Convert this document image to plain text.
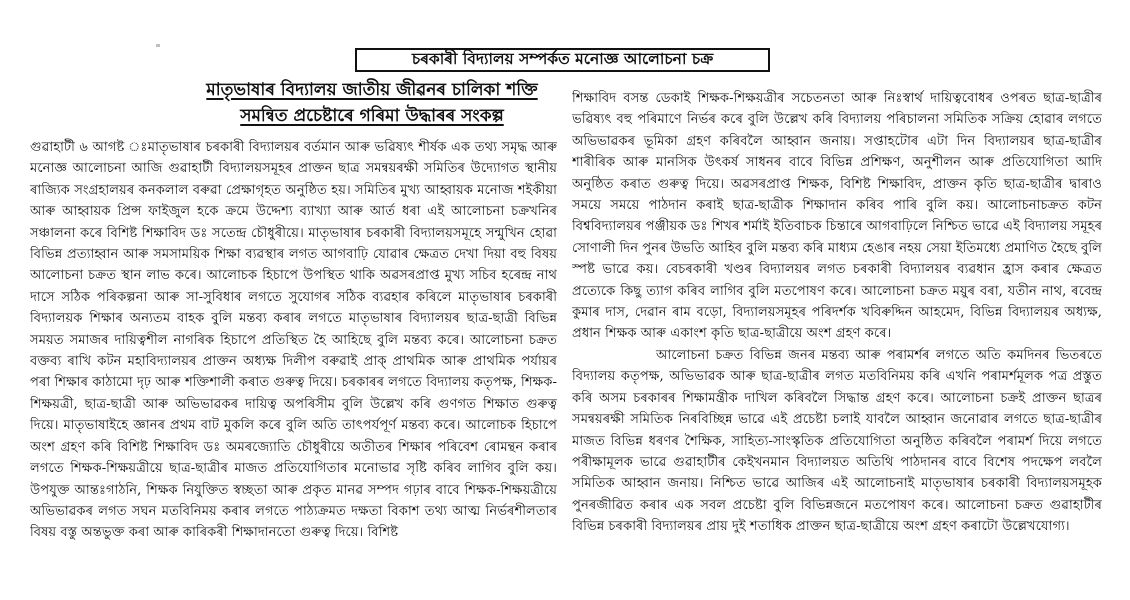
চৰকাৰী বিদ্যালয় সম্পৰ্কত মনোজ্ঞ আলোচনা চক্ৰ
মাতৃভাষাৰ বিদ্যালয় জাতীয় জীৱনৰ চালিকা শক্তি
সমন্বিত প্ৰচেষ্টাৰে গৰিমা উদ্ধাৰৰ সংকল্প

গুৱাহাটী ৬ আগষ্ট ঃমাতৃভাষাৰ চৰকাৰী বিদ্যালয়ৰ বৰ্তমান আৰু ভৱিষ্যৎ শীৰ্ষক এক তথ্য সমৃদ্ধ আৰু মনোজ্ঞ আলোচনা আজি গুৱাহাটী বিদ্যালয়সমূহৰ প্ৰাক্তন ছাত্ৰ সমন্বয়ৰক্ষী সমিতিৰ উদ্যোগত স্থানীয় ৰাজ্যিক সংগ্ৰহালয়ৰ কনকলাল বৰুৱা প্ৰেক্ষাগৃহত অনুষ্ঠিত হয়। সমিতিৰ মুখ্য আহ্বায়ক মনোজ শইকীয়া আৰু আহ্বায়ক প্ৰিন্স ফাইজুল হকে ক্ৰমে উদ্দেশ্য ব্যাখ্যা আৰু আৰ্ত ধৰা এই আলোচনা চক্ৰখনিৰ সঞ্চালনা কৰে বিশিষ্ট শিক্ষাবিদ ডঃ সতেন্দ্ৰ চৌধুৰীয়ে। মাতৃভাষাৰ চৰকাৰী বিদ্যালয়সমূহে সন্মুখিন হোৱা বিভিন্ন প্ৰত্যাহ্বান আৰু সমসাময়িক শিক্ষা ব্যৱস্থাৰ লগত আগবাঢ়ি যোৱাৰ ক্ষেত্ৰত দেখা দিয়া বহু বিষয় আলোচনা চক্ৰত স্থান লাভ কৰে। আলোচক হিচাপে উপস্থিত থাকি অৱসৰপ্ৰাপ্ত মুখ্য সচিব হৰেন্দ্ৰ নাথ দাসে সঠিক পৰিকল্পনা আৰু সা-সুবিধাৰ লগতে সুযোগৰ সঠিক ব্যৱহাৰ কৰিলে মাতৃভাষাৰ চৰকাৰী বিদ্যালয়ক শিক্ষাৰ অন্যতম বাহক বুলি মন্তব্য কৰাৰ লগতে মাতৃভাষাৰ বিদ্যালয়ৰ ছাত্ৰ-ছাত্ৰী বিভিন্ন সময়ত সমাজৰ দায়িত্বশীল নাগৰিক হিচাপে প্ৰতিস্থিত হৈ আহিছে বুলি মন্তব্য কৰে। আলোচনা চক্ৰত বক্তব্য ৰাখি কটন মহাবিদ্যালয়ৰ প্ৰাক্তন অধ্যক্ষ দিলীপ বৰুৱাই প্ৰাক্ প্ৰাথমিক আৰু প্ৰাথমিক পৰ্যায়ৰ পৰা শিক্ষাৰ কাঠামো দৃঢ় আৰু শক্তিশালী কৰাত গুৰুত্ব দিয়ে। চৰকাৰৰ লগতে বিদ্যালয় কতৃপক্ষ, শিক্ষক-শিক্ষয়ত্ৰী, ছাত্ৰ-ছাত্ৰী আৰু অভিভাৱকৰ দায়িত্ব অপৰিসীম বুলি উল্লেখ কৰি গুণগত শিক্ষাত গুৰুত্ব দিয়ে। মাতৃভাষাইহে জ্ঞানৰ প্ৰথম বাট মুকলি কৰে বুলি অতি তাৎপৰ্যপূৰ্ণ মন্তব্য কৰে। আলোচক হিচাপে অংশ গ্ৰহণ কৰি বিশিষ্ট শিক্ষাবিদ ডঃ অমৰজ্যোতি চৌধুৰীয়ে অতীতৰ শিক্ষাৰ পৰিবেশ ৰোমন্থন কৰাৰ লগতে শিক্ষক-শিক্ষয়ত্ৰীয়ে ছাত্ৰ-ছাত্ৰীৰ মাজত প্ৰতিযোগিতাৰ মনোভাৱ সৃষ্টি কৰিব লাগিব বুলি কয়। উপযুক্ত আন্তঃগাঠনি, শিক্ষক নিযুক্তিত স্বচ্ছতা আৰু প্ৰকৃত মানৱ সম্পদ গঢ়াৰ বাবে শিক্ষক-শিক্ষয়ত্ৰীয়ে অভিভাৱকৰ লগত সঘন মতবিনিময় কৰাৰ লগতে পাঠ্যক্ৰমত দক্ষতা বিকাশ তথ্য আত্ম নিৰ্ভৰশীলতাৰ বিষয় বস্তু অন্তভুক্ত কৰা আৰু কাৰিকৰী শিক্ষাদানতো গুৰুত্ব দিয়ে। বিশিষ্ট

শিক্ষাবিদ বসন্ত ডেকাই শিক্ষক-শিক্ষয়ত্ৰীৰ সচেতনতা আৰু নিঃস্বাৰ্থ দায়িত্ববোধৰ ওপৰত ছাত্ৰ-ছাত্ৰীৰ ভৱিষ্যৎ বহু পৰিমাণে নিৰ্ভৰ কৰে বুলি উল্লেখ কৰি বিদ্যালয় পৰিচালনা সমিতিক সক্ৰিয় হোৱাৰ লগতে অভিভাৱকৰ ভূমিকা গ্ৰহণ কৰিবলৈ আহ্বান জনায়। সপ্তাহটোৰ এটা দিন বিদ্যালয়ৰ ছাত্ৰ-ছাত্ৰীৰ শাৰীৰিক আৰু মানসিক উৎকৰ্ষ সাধনৰ বাবে বিভিন্ন প্ৰশিক্ষণ, অনুশীলন আৰু প্ৰতিযোগিতা আদি অনুষ্ঠিত কৰাত গুৰুত্ব দিয়ে। অৱসৰপ্ৰাপ্ত শিক্ষক, বিশিষ্ট শিক্ষাবিদ, প্ৰাক্তন কৃতি ছাত্ৰ-ছাত্ৰীৰ দ্বাৰাও সময়ে সময়ে পাঠদান কৰাই ছাত্ৰ-ছাত্ৰীক শিক্ষাদান কৰিব পাৰি বুলি কয়। আলোচনাচক্ৰত কটন বিশ্ববিদ্যালয়ৰ পঞ্জীয়ক ডঃ শিখৰ শৰ্মাই ইতিবাচক চিন্তাৰে আগবাঢ়িলে নিশ্চিত ভাৱে এই বিদ্যালয় সমূহৰ সোণালী দিন পুনৰ উভতি আহিব বুলি মন্তব্য কৰি মাধ্যম হেঙাৰ নহয় সেয়া ইতিমধ্যে প্ৰমাণিত হৈছে বুলি স্পষ্ট ভাৱে কয়। বেচৰকাৰী খণ্ডৰ বিদ্যালয়ৰ লগত চৰকাৰী বিদ্যালয়ৰ ব্যৱধান হ্ৰাস কৰাৰ ক্ষেত্ৰত প্ৰত্যেকে কিছু ত্যাগ কৰিব লাগিব বুলি মতপোষণ কৰে। আলোচনা চক্ৰত ময়ুৰ বৰা, যতীন নাথ, ৰবেন্দ্ৰ কুমাৰ দাস, দেৱান ৰাম বড়ো, বিদ্যালয়সমূহৰ পৰিদৰ্শক খবিৰুদ্দিন আহমেদ, বিভিন্ন বিদ্যালয়ৰ অধ্যক্ষ, প্ৰধান শিক্ষক আৰু একাংশ কৃতি ছাত্ৰ-ছাত্ৰীয়ে অংশ গ্ৰহণ কৰে।

আলোচনা চক্ৰত বিভিন্ন জনৰ মন্তব্য আৰু পৰামৰ্শৰ লগতে অতি কমদিনৰ ভিতৰতে বিদ্যালয় কতৃপক্ষ, অভিভাৱক আৰু ছাত্ৰ-ছাত্ৰীৰ লগত মতবিনিময় কৰি এখনি পৰামৰ্শমূলক পত্ৰ প্ৰস্তুত কৰি অসম চৰকাৰৰ শিক্ষামন্ত্ৰীক দাখিল কৰিবলৈ সিদ্ধান্ত গ্ৰহণ কৰে। আলোচনা চক্ৰই প্ৰাক্তন ছাত্ৰৰ সমন্বয়ৰক্ষী সমিতিক নিৰবিচ্ছিন্ন ভাৱে এই প্ৰচেষ্টা চলাই যাবলৈ আহ্বান জনোৱাৰ লগতে ছাত্ৰ-ছাত্ৰীৰ মাজত বিভিন্ন ধৰণৰ শৈক্ষিক, সাহিত্য-সাংস্কৃতিক প্ৰতিযোগিতা অনুষ্ঠিত কৰিবলৈ পৰামৰ্শ দিয়ে লগতে পৰীক্ষামূলক ভাৱে গুৱাহাটীৰ কেইখনমান বিদ্যালয়ত অতিথি পাঠদানৰ বাবে বিশেষ পদক্ষেপ লবলৈ সমিতিক আহ্বান জনায়। নিশ্চিত ভাৱে আজিৰ এই আলোচনাই মাতৃভাষাৰ চৰকাৰী বিদ্যালয়সমূহক পুনৰজীৱিত কৰাৰ এক সবল প্ৰচেষ্টা বুলি বিভিন্নজনে মতপোষণ কৰে। আলোচনা চক্ৰত গুৱাহাটীৰ বিভিন্ন চৰকাৰী বিদ্যালয়ৰ প্ৰায় দুই শতাধিক প্ৰাক্তন ছাত্ৰ-ছাত্ৰীয়ে অংশ গ্ৰহণ কৰাটো উল্লেখযোগ্য।
